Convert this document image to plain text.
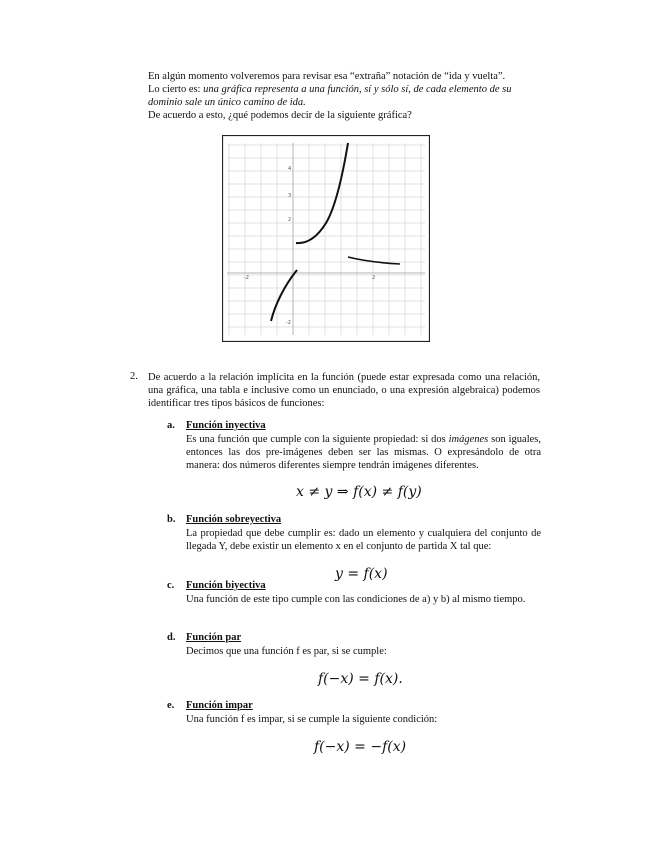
En algún momento volveremos para revisar esa “extraña” notación de “ida y vuelta”.
Lo cierto es: una gráfica representa a una función, sí y sólo sí, de cada elemento de su
dominio sale un único camino de ida.
De acuerdo a esto, ¿qué podemos decir de la siguiente gráfica?
4
3
2
-2	2
-2
2. De acuerdo a la relación implícita en la función (puede estar expresada como una relación, una gráfica, una tabla e inclusive como un enunciado, o una expresión algebraica) podemos identificar tres tipos básicos de funciones:
a. Función inyectiva
Es una función que cumple con la siguiente propiedad: si dos imágenes son iguales, entonces las dos pre-imágenes deben ser las mismas. O expresándolo de otra manera: dos números diferentes siempre tendrán imágenes diferentes.
x ≠ y ⇒ f(x) ≠ f(y)
b. Función sobreyectiva
La propiedad que debe cumplir es: dado un elemento y cualquiera del conjunto de llegada Y, debe existir un elemento x en el conjunto de partida X tal que:
y = f(x)
c. Función biyectiva
Una función de este tipo cumple con las condiciones de a) y b) al mismo tiempo.
d. Función par
Decimos que una función f es par, si se cumple:
f(−x) = f(x).
e. Función impar
Una función f es impar, si se cumple la siguiente condición:
f(−x) = −f(x)
